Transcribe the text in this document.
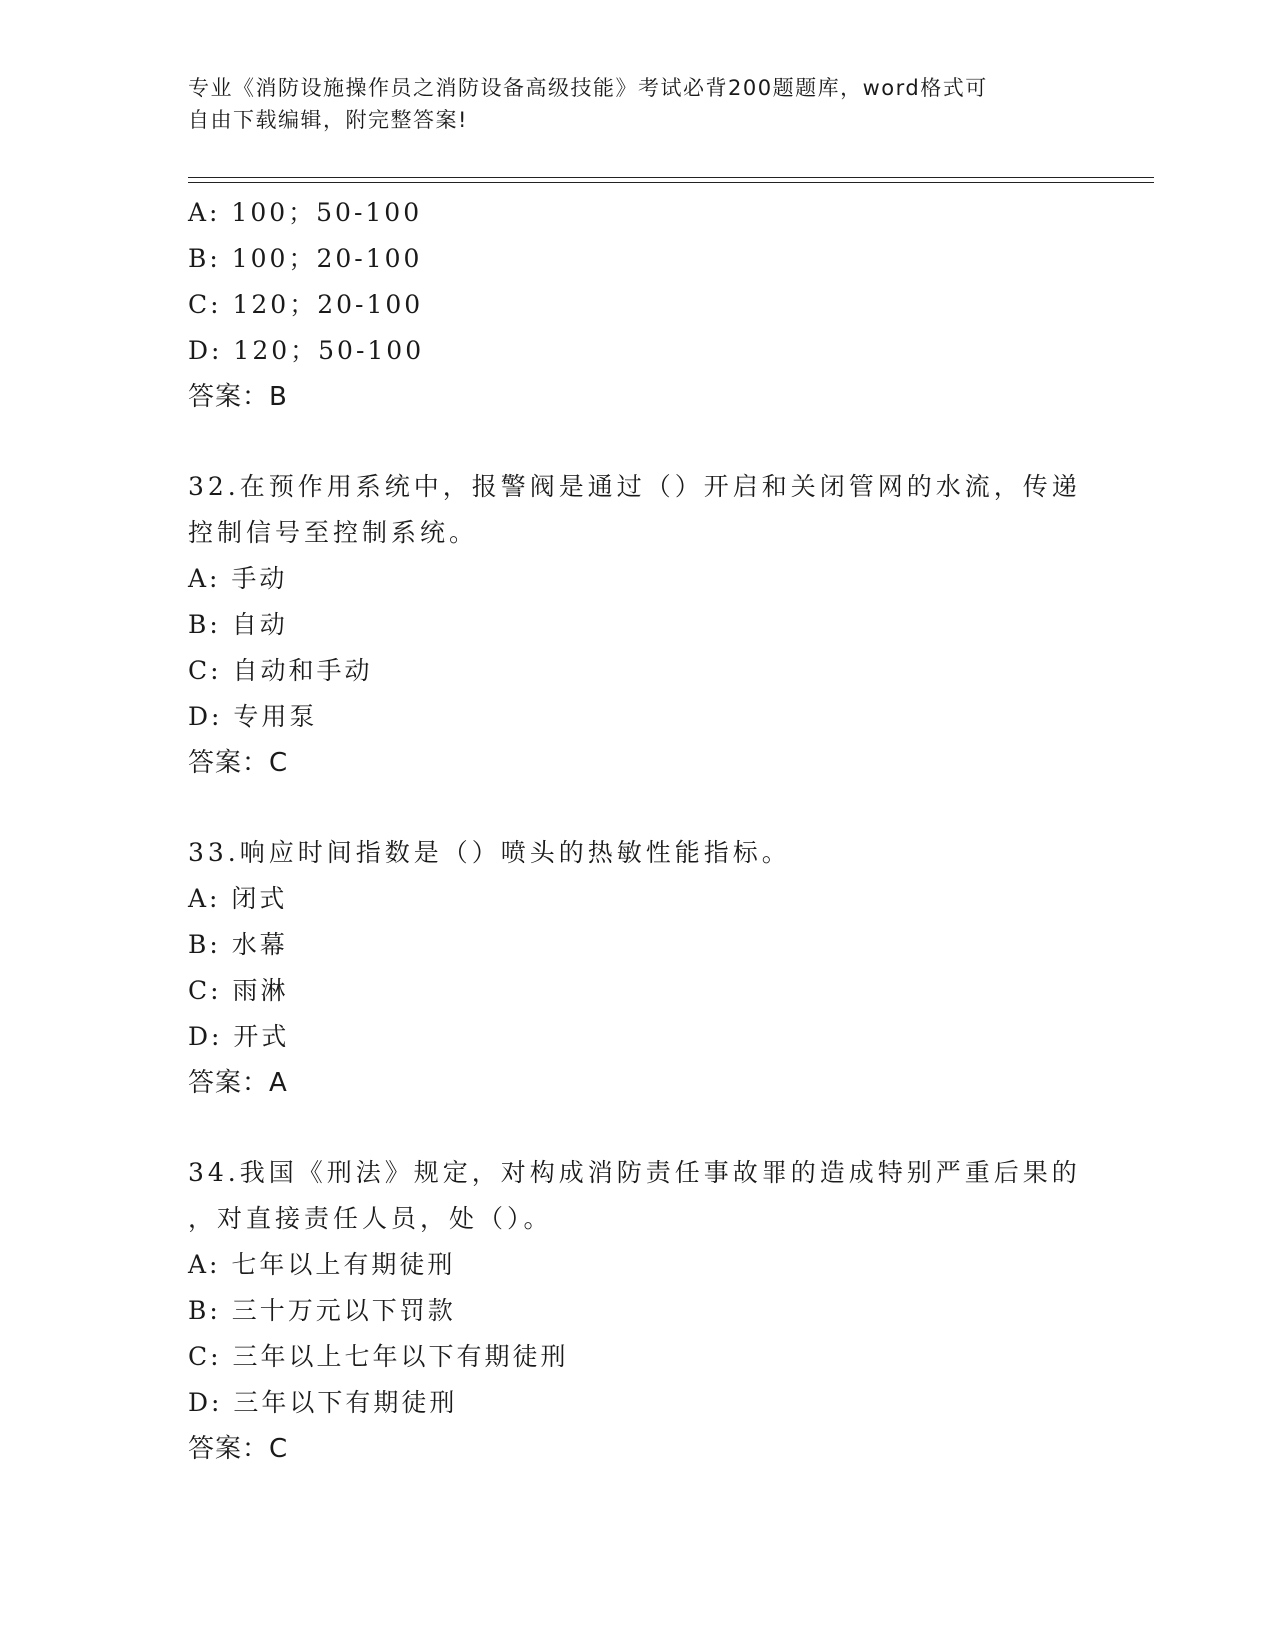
专业《消防设施操作员之消防设备高级技能》考试必背200题题库，word格式可
自由下载编辑，附完整答案!
A: 100；50-100
B: 100；20-100
C: 120；20-100
D: 120；50-100
答案：B
32.在预作用系统中，报警阀是通过（）开启和关闭管网的水流，传递
控制信号至控制系统。
A: 手动
B: 自动
C: 自动和手动
D: 专用泵
答案：C
33.响应时间指数是（）喷头的热敏性能指标。
A: 闭式
B: 水幕
C: 雨淋
D: 开式
答案：A
34.我国《刑法》规定，对构成消防责任事故罪的造成特别严重后果的
，对直接责任人员，处（）。
A: 七年以上有期徒刑
B: 三十万元以下罚款
C: 三年以上七年以下有期徒刑
D: 三年以下有期徒刑
答案：C
